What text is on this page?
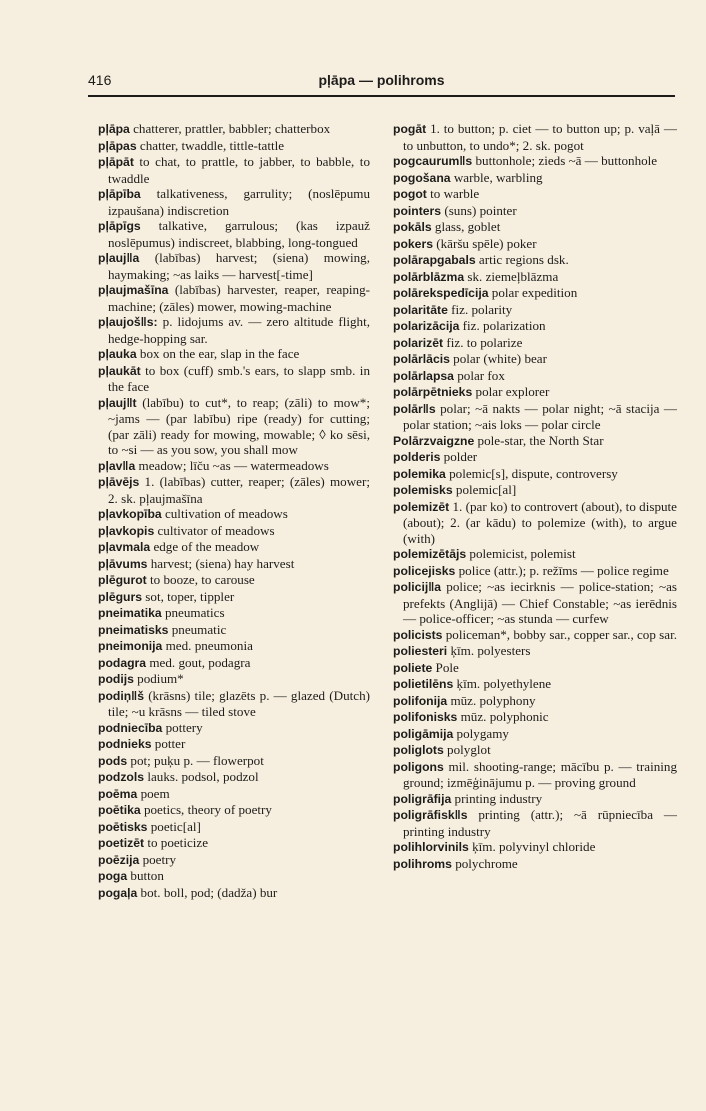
416	pļāpa — polihroms

pļāpa chatterer, prattler, babbler; chatterbox

pļāpas chatter, twaddle, tittle-tattle

pļāpāt to chat, to prattle, to jabber, to babble, to twaddle

pļāpība talkativeness, garrulity; (noslēpumu izpaušana) indiscretion

pļāpīgs talkative, garrulous; (kas izpauž noslēpumus) indiscreet, blabbing, long-tongued

pļaujǁa (labības) harvest; (siena) mowing, haymaking; ~as laiks — harvest[-time]

pļaujmašīna (labības) harvester, reaper, reaping-machine; (zāles) mower, mowing-machine

pļaujošǁs: p. lidojums av. — zero altitude flight, hedge-hopping sar.

pļauka box on the ear, slap in the face

pļaukāt to box (cuff) smb.'s ears, to slapp smb. in the face

pļaujǁt (labību) to cut*, to reap; (zāli) to mow*; ~jams — (par labību) ripe (ready) for cutting; (par zāli) ready for mowing, mowable; ◊ ko sēsi, to ~si — as you sow, you shall mow

pļavǁa meadow; līču ~as — watermeadows

pļāvējs 1. (labības) cutter, reaper; (zāles) mower; 2. sk. pļaujmašīna

pļavkopība cultivation of meadows

pļavkopis cultivator of meadows

pļavmala edge of the meadow

pļāvums harvest; (siena) hay harvest

plēgurot to booze, to carouse

plēgurs sot, toper, tippler

pneimatika pneumatics

pneimatisks pneumatic

pneimonija med. pneumonia

podagra med. gout, podagra

podijs podium*

podiņǁš (krāsns) tile; glazēts p. — glazed (Dutch) tile; ~u krāsns — tiled stove

podniecība pottery

podnieks potter

pods pot; puķu p. — flowerpot

podzols lauks. podsol, podzol

poēma poem

poētika poetics, theory of poetry

poētisks poetic[al]

poetizēt to poeticize

poēzija poetry

poga button

pogaļa bot. boll, pod; (dadža) bur

pogāt 1. to button; p. ciet — to button up; p. vaļā — to unbutton, to undo*; 2. sk. pogot

pogcaurumǁs buttonhole; zieds ~ā — buttonhole

pogošana warble, warbling

pogot to warble

pointers (suns) pointer

pokāls glass, goblet

pokers (kāršu spēle) poker

polārapgabals artic regions dsk.

polārblāzma sk. ziemeļblāzma

polārekspedīcija polar expedition

polaritāte fiz. polarity

polarizācija fiz. polarization

polarizēt fiz. to polarize

polārlācis polar (white) bear

polārlapsa polar fox

polārpētnieks polar explorer

polārǁs polar; ~ā nakts — polar night; ~ā stacija — polar station; ~ais loks — polar circle

Polārzvaigzne pole-star, the North Star

polderis polder

polemika polemic[s], dispute, controversy

polemisks polemic[al]

polemizēt 1. (par ko) to controvert (about), to dispute (about); 2. (ar kādu) to polemize (with), to argue (with)

polemizētājs polemicist, polemist

policejisks police (attr.); p. režīms — police regime

policijǁa police; ~as iecirknis — police-station; ~as prefekts (Anglijā) — Chief Constable; ~as ierēdnis — police-officer; ~as stunda — curfew

policists policeman*, bobby sar., copper sar., cop sar.

poliesteri ķīm. polyesters

poliete Pole

polietilēns ķīm. polyethylene

polifonija mūz. polyphony

polifonisks mūz. polyphonic

poligāmija polygamy

poliglots polyglot

poligons mil. shooting-range; mācību p. — training ground; izmēģinājumu p. — proving ground

poligrāfija printing industry

poligrāfiskǁs printing (attr.); ~ā rūpniecība — printing industry

polihlorvinils ķīm. polyvinyl chloride

polihroms polychrome
